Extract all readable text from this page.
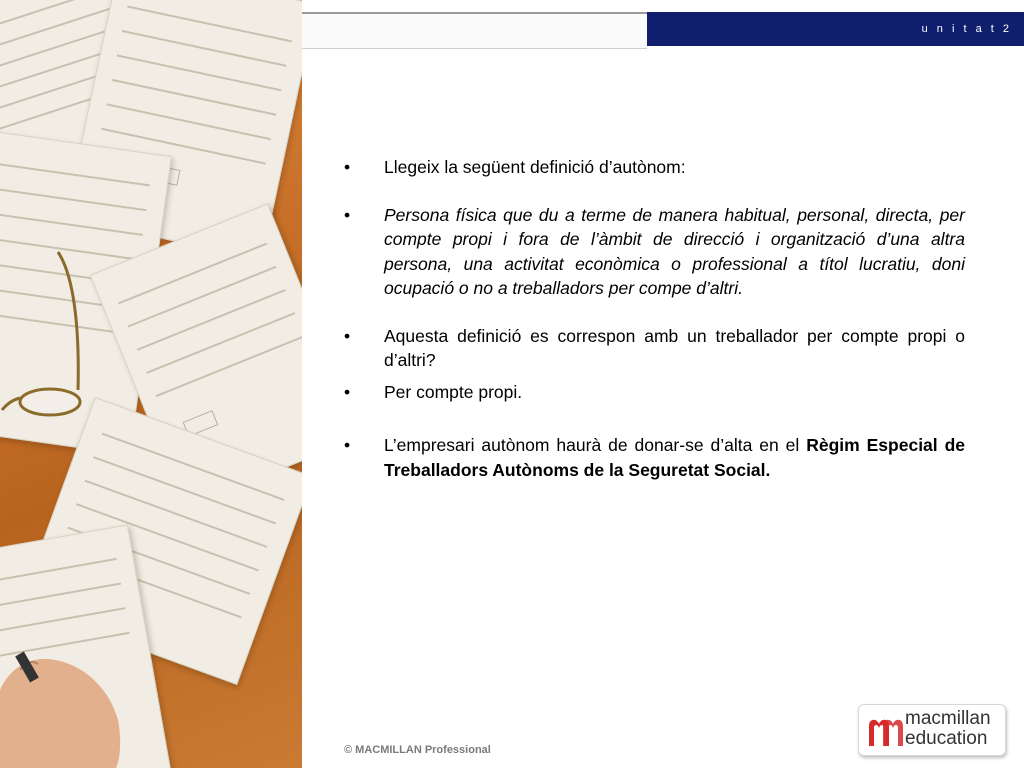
u n i t a t 2
• Llegeix la següent definició d’autònom:
• Persona física que du a terme de manera habitual, personal, directa, per compte propi i fora de l’àmbit de direcció i organització d’una altra persona, una activitat econòmica o professional a títol lucratiu, doni ocupació o no a treballadors per compe d’altri.
• Aquesta definició es correspon amb un treballador per compte propi o d’altri?
• Per compte propi.
• L’empresari autònom haurà de donar-se d’alta en el Règim Especial de Treballadors Autònoms de la Seguretat Social.
© MACMILLAN Professional
macmillan
education
